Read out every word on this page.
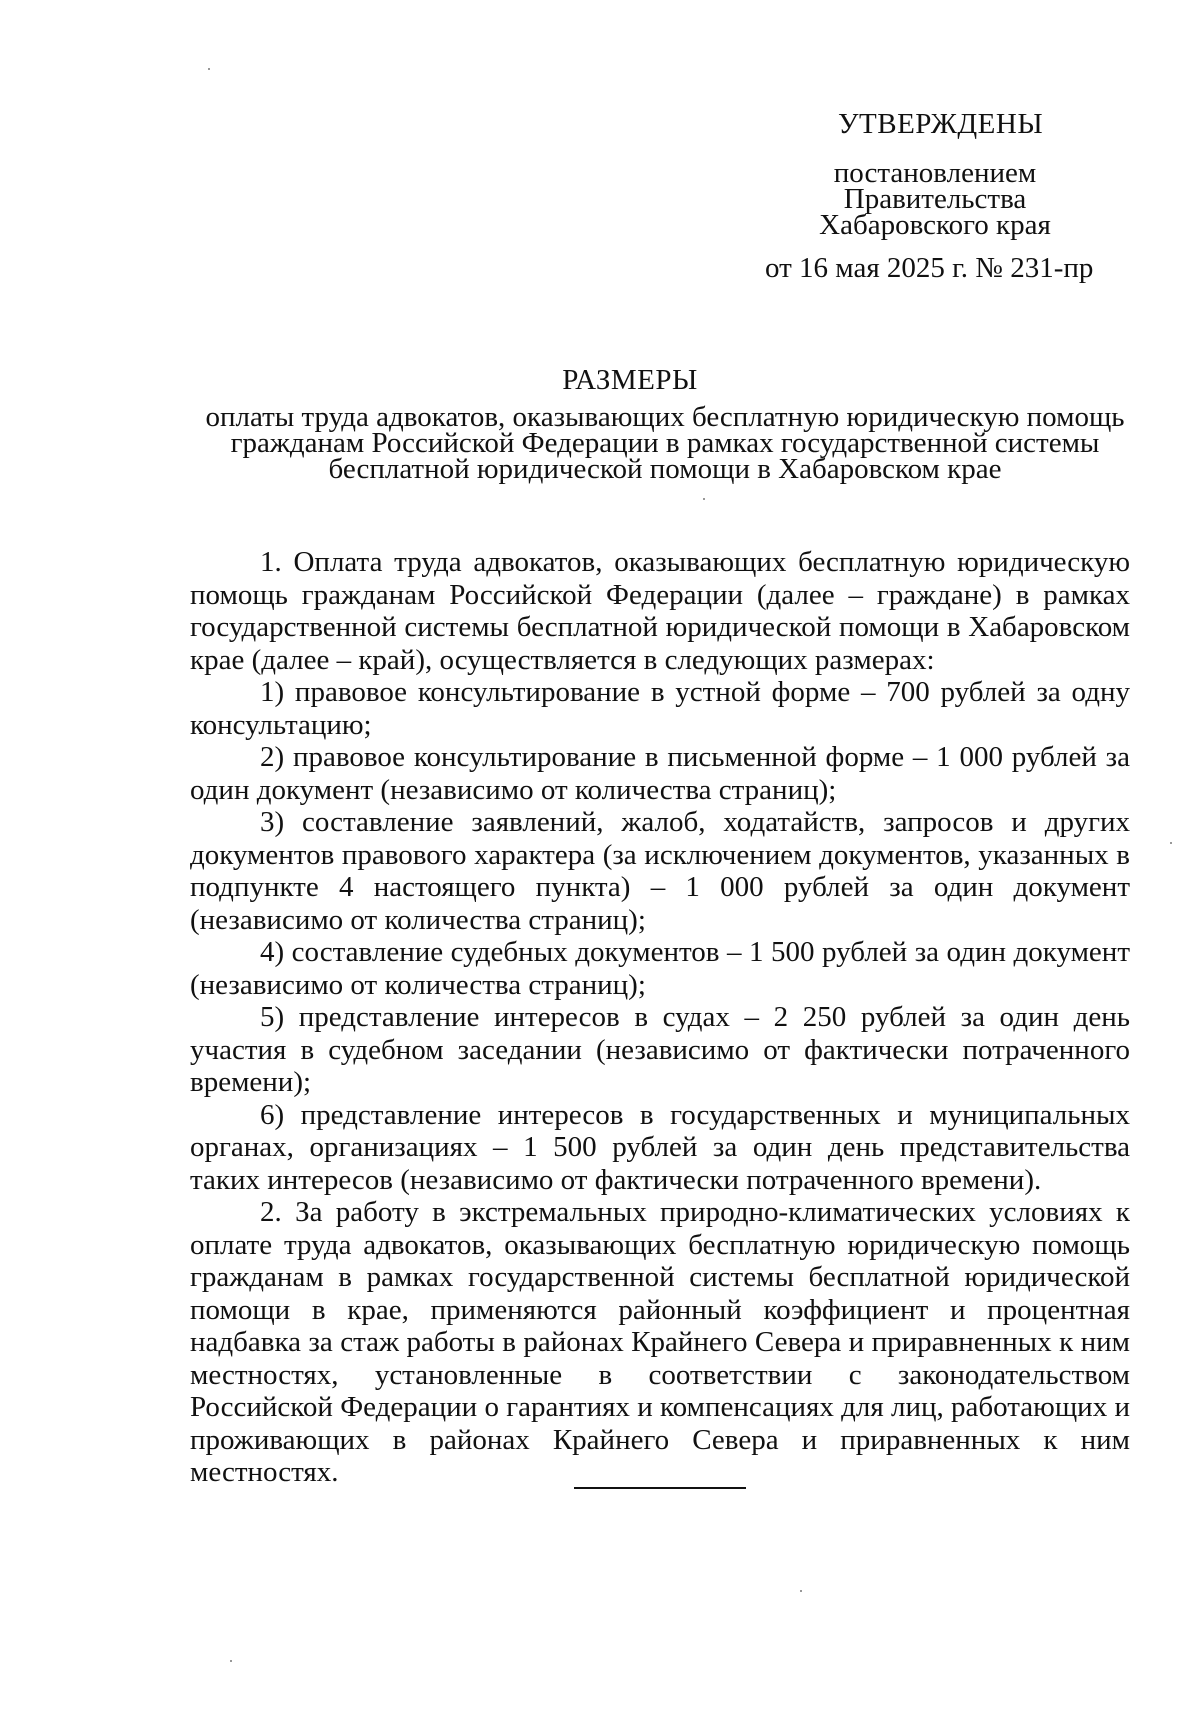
УТВЕРЖДЕНЫ
постановлением
Правительства
Хабаровского края
от 16 мая 2025 г. № 231-пр
РАЗМЕРЫ
оплаты труда адвокатов, оказывающих бесплатную юридическую помощь
гражданам Российской Федерации в рамках государственной системы
бесплатной юридической помощи в Хабаровском крае

1. Оплата труда адвокатов, оказывающих бесплатную юридическую помощь гражданам Российской Федерации (далее – граждане) в рамках государственной системы бесплатной юридической помощи в Хабаровском крае (далее – край), осуществляется в следующих размерах:

1) правовое консультирование в устной форме – 700 рублей за одну консультацию;

2) правовое консультирование в письменной форме – 1 000 рублей за один документ (независимо от количества страниц);

3) составление заявлений, жалоб, ходатайств, запросов и других документов правового характера (за исключением документов, указанных в подпункте 4 настоящего пункта) – 1 000 рублей за один документ (независимо от количества страниц);

4) составление судебных документов – 1 500 рублей за один документ (независимо от количества страниц);

5) представление интересов в судах – 2 250 рублей за один день участия в судебном заседании (независимо от фактически потраченного времени);

6) представление интересов в государственных и муниципальных органах, организациях – 1 500 рублей за один день представительства таких интересов (независимо от фактически потраченного времени).

2. За работу в экстремальных природно-климатических условиях к оплате труда адвокатов, оказывающих бесплатную юридическую помощь гражданам в рамках государственной системы бесплатной юридической помощи в крае, применяются районный коэффициент и процентная надбавка за стаж работы в районах Крайнего Севера и приравненных к ним местностях, установленные в соответствии с законодательством Российской Федерации о гарантиях и компенсациях для лиц, работающих и проживающих в районах Крайнего Севера и приравненных к ним местностях.
